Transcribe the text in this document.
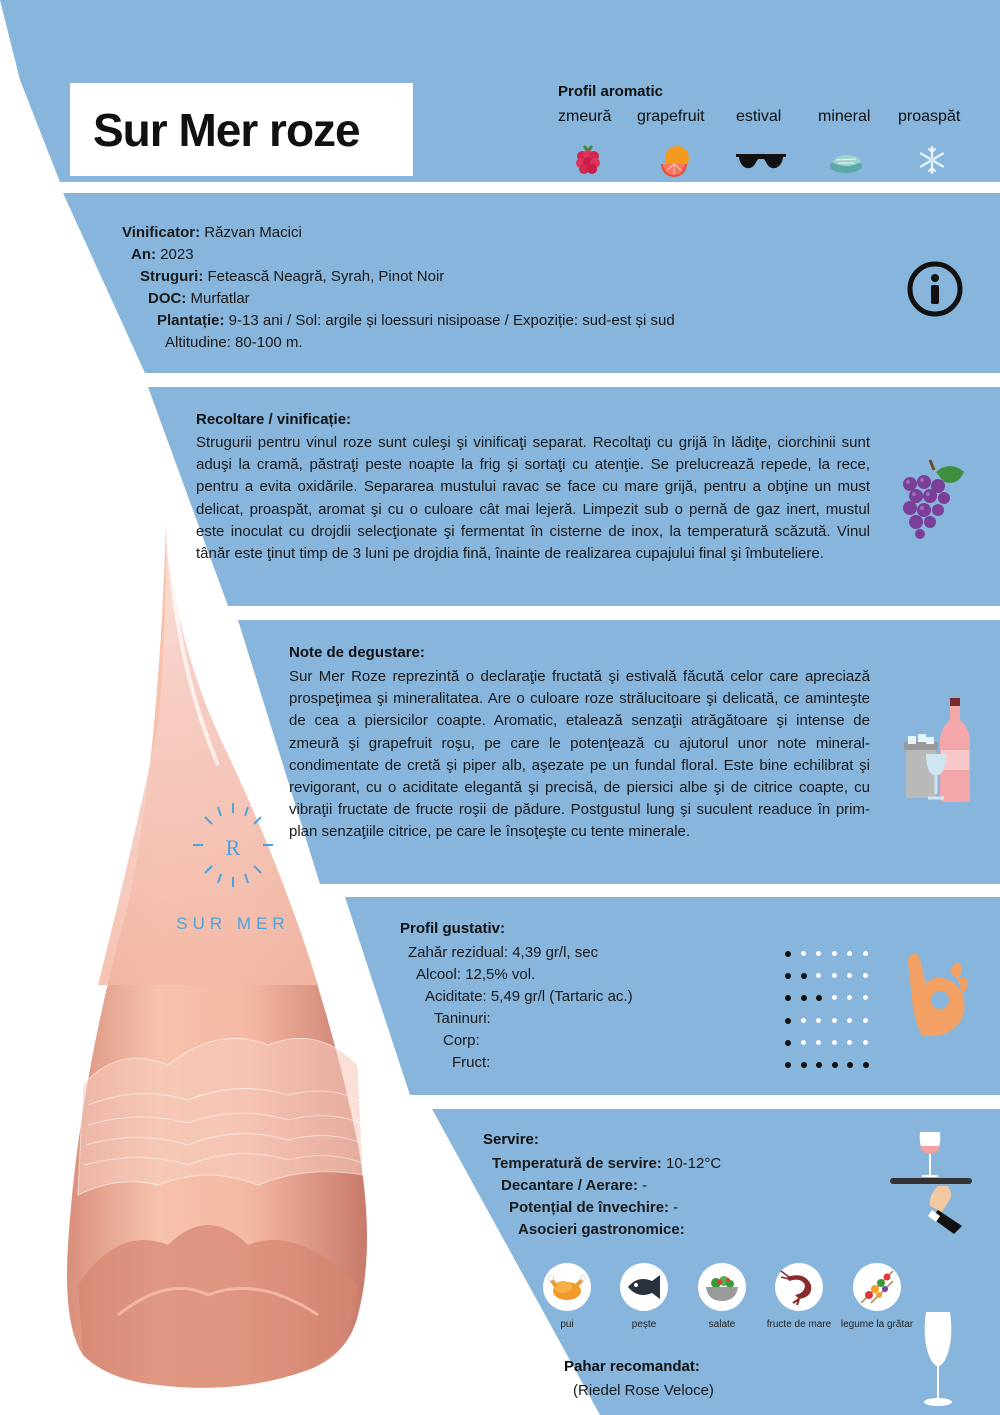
Sur Mer roze
Profil aromatic
zmeură grapefruit estival mineral proaspăt
Vinificator: Răzvan Macici
An: 2023
Struguri: Fetească Neagră, Syrah, Pinot Noir
DOC: Murfatlar
Plantație: 9-13 ani / Sol: argile și loessuri nisipoase / Expoziție: sud-est și sud
Altitudine: 80-100 m.
Recoltare / vinificație:
Strugurii pentru vinul roze sunt culeşi şi vinificaţi separat. Recoltaţi cu grijă în lădiţe, ciorchinii sunt aduşi la cramă, păstraţi peste noapte la frig şi sortaţi cu atenţie. Se prelucrează repede, la rece, pentru a evita oxidările. Separarea mustului ravac se face cu mare grijă, pentru a obţine un must delicat, proaspăt, aromat şi cu o culoare cât mai lejeră. Limpezit sub o pernă de gaz inert, mustul este inoculat cu drojdii selecţionate şi fermentat în cisterne de inox, la temperatură scăzută. Vinul tânăr este ţinut timp de 3 luni pe drojdia fină, înainte de realizarea cupajului final şi îmbuteliere.
Note de degustare:
Sur Mer Roze reprezintă o declaraţie fructată şi estivală făcută celor care apreciază prospeţimea şi mineralitatea. Are o culoare roze strălucitoare şi delicată, ce aminteşte de cea a piersicilor coapte. Aromatic, etalează senzaţii atrăgătoare şi intense de zmeură şi grapefruit roşu, pe care le potenţează cu ajutorul unor note mineral-condimentate de cretă şi piper alb, aşezate pe un fundal floral. Este bine echilibrat şi revigorant, cu o aciditate elegantă şi precisă, de piersici albe şi de citrice coapte, cu vibraţii fructate de fructe roşii de pădure. Postgustul lung şi suculent readuce în prim-plan senzaţiile citrice, pe care le însoţeşte cu tente minerale.
Profil gustativ:
Zahăr rezidual: 4,39 gr/l, sec
Alcool: 12,5% vol.
Aciditate: 5,49 gr/l (Tartaric ac.)
Taninuri:
Corp:
Fruct:
Servire:
Temperatură de servire: 10-12°C
Decantare / Aerare: -
Potențial de învechire: -
Asocieri gastronomice:
pui	pește	salate	fructe de mare legume la grătar
Pahar recomandat:
(Riedel Rose Veloce)
R
SUR MER
